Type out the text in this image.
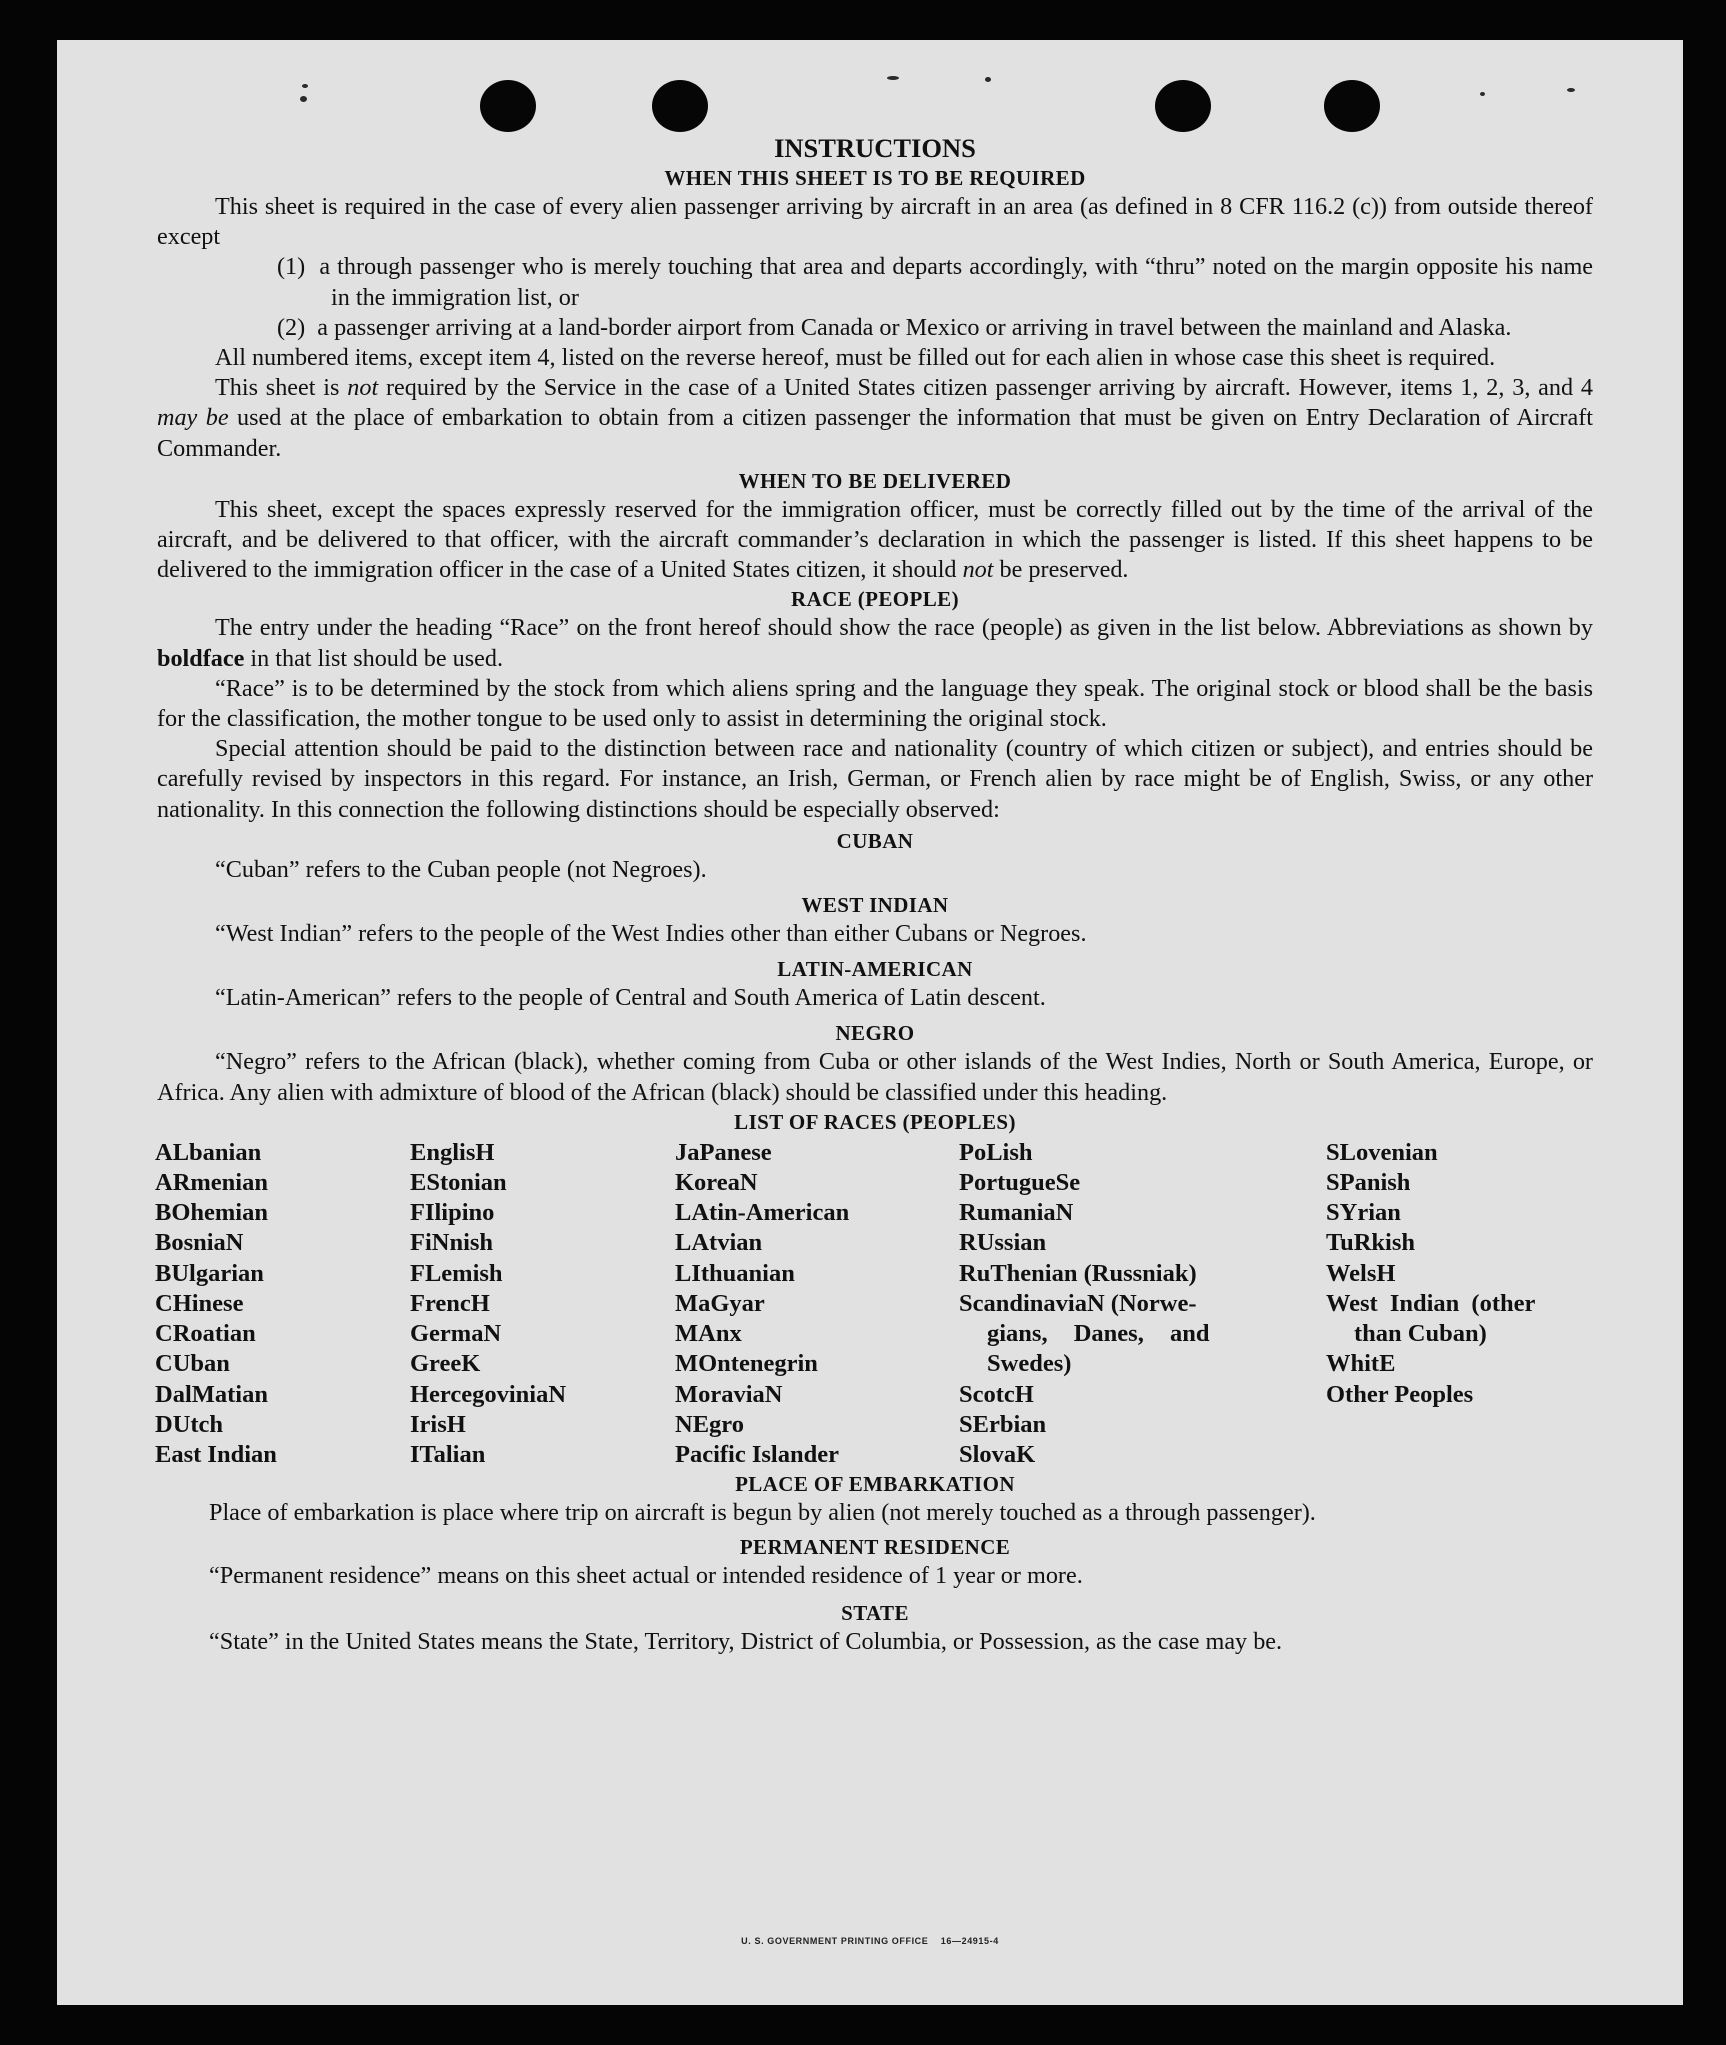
INSTRUCTIONS
WHEN THIS SHEET IS TO BE REQUIRED

This sheet is required in the case of every alien passenger arriving by aircraft in an area (as defined in 8 CFR 116.2 (c)) from outside thereof except

(1) a through passenger who is merely touching that area and departs accordingly, with “thru” noted on the margin opposite his name in the immigration list, or

(2) a passenger arriving at a land-border airport from Canada or Mexico or arriving in travel between the mainland and Alaska.

All numbered items, except item 4, listed on the reverse hereof, must be filled out for each alien in whose case this sheet is required.

This sheet is not required by the Service in the case of a United States citizen passenger arriving by aircraft. However, items 1, 2, 3, and 4 may be used at the place of embarkation to obtain from a citizen passenger the information that must be given on Entry Declaration of Aircraft Commander.

WHEN TO BE DELIVERED

This sheet, except the spaces expressly reserved for the immigration officer, must be correctly filled out by the time of the arrival of the aircraft, and be delivered to that officer, with the aircraft commander’s declaration in which the passenger is listed. If this sheet happens to be delivered to the immigration officer in the case of a United States citizen, it should not be preserved.

RACE (PEOPLE)

The entry under the heading “Race” on the front hereof should show the race (people) as given in the list below. Abbreviations as shown by boldface in that list should be used.

“Race” is to be determined by the stock from which aliens spring and the language they speak. The original stock or blood shall be the basis for the classification, the mother tongue to be used only to assist in determining the original stock.

Special attention should be paid to the distinction between race and nationality (country of which citizen or subject), and entries should be carefully revised by inspectors in this regard. For instance, an Irish, German, or French alien by race might be of English, Swiss, or any other nationality. In this connection the following distinctions should be especially observed:

CUBAN

“Cuban” refers to the Cuban people (not Negroes).

WEST INDIAN

“West Indian” refers to the people of the West Indies other than either Cubans or Negroes.

LATIN-AMERICAN

“Latin-American” refers to the people of Central and South America of Latin descent.

NEGRO

“Negro” refers to the African (black), whether coming from Cuba or other islands of the West Indies, North or South America, Europe, or Africa. Any alien with admixture of blood of the African (black) should be classified under this heading.

LIST OF RACES (PEOPLES)
ALbanian
ARmenian
BOhemian
BosniaN
BUlgarian
CHinese
CRoatian
CUban
DalMatian
DUtch
East Indian
EnglisH
EStonian
FIlipino
FiNnish
FLemish
FrencH
GermaN
GreeK
HercegoviniaN
IrisH
ITalian
JaPanese
KoreaN
LAtin-American
LAtvian
LIthuanian
MaGyar
MAnx
MOntenegrin
MoraviaN
NEgro
Pacific Islander
PoLish
PortugueSe
RumaniaN
RUssian
RuThenian (Russniak)
ScandinaviaN (Norwe-
gians, Danes, and
Swedes)
ScotcH
SErbian
SlovaK
SLovenian
SPanish
SYrian
TuRkish
WelsH
West Indian (other
than Cuban)
WhitE
Other Peoples
PLACE OF EMBARKATION

Place of embarkation is place where trip on aircraft is begun by alien (not merely touched as a through passenger).

PERMANENT RESIDENCE

“Permanent residence” means on this sheet actual or intended residence of 1 year or more.

STATE

“State” in the United States means the State, Territory, District of Columbia, or Possession, as the case may be.

U. S. GOVERNMENT PRINTING OFFICE    16—24915-4
